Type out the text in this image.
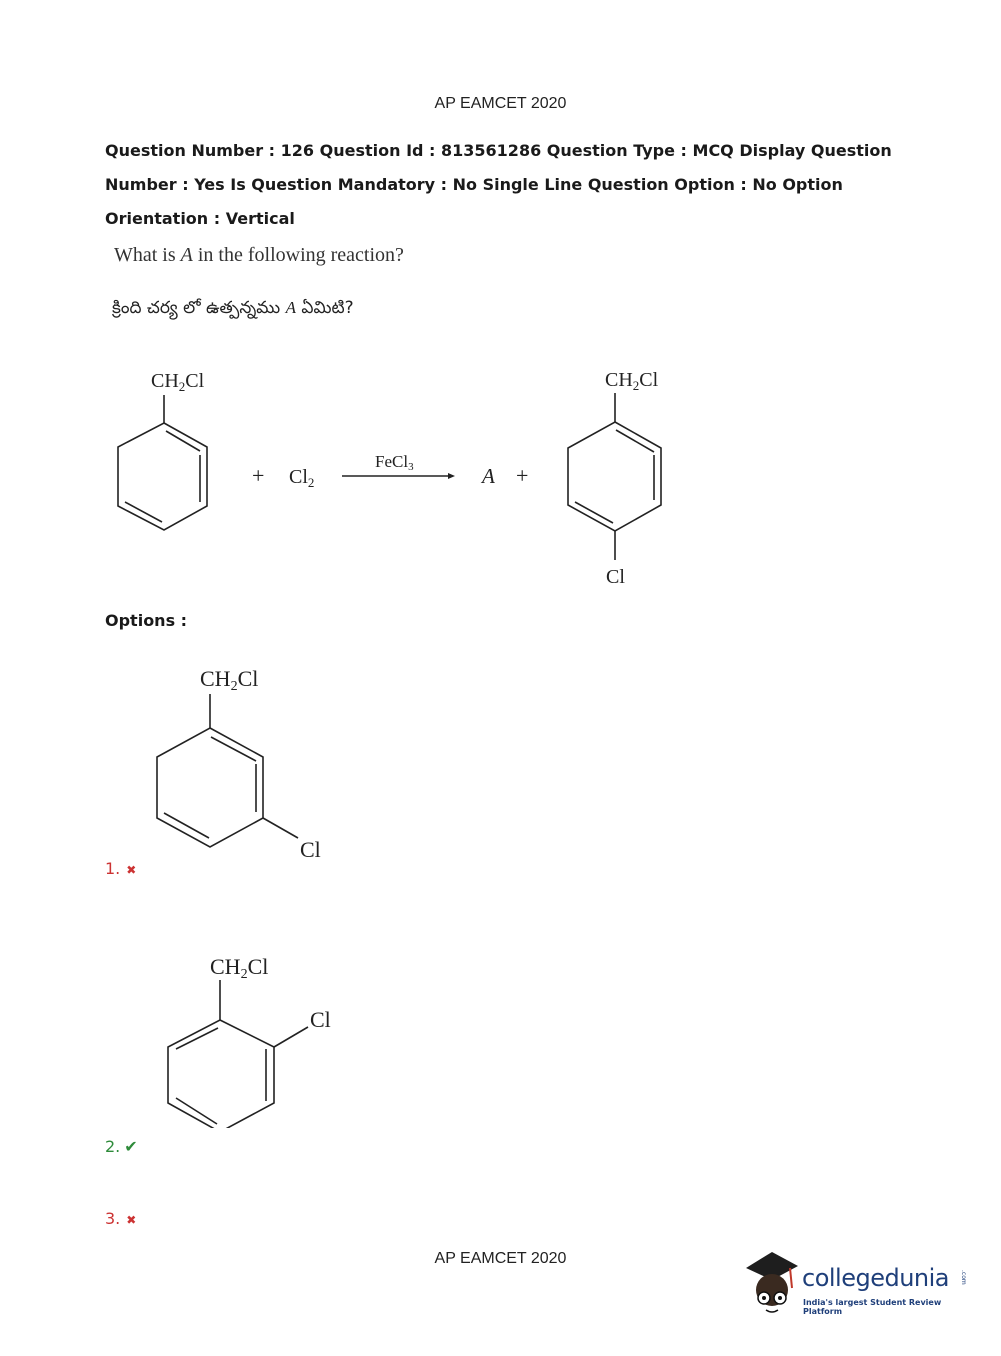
AP EAMCET 2020
Question Number : 126 Question Id : 813561286 Question Type : MCQ Display Question
Number : Yes Is Question Mandatory : No Single Line Question Option : No Option
Orientation : Vertical
What is A in the following reaction?
క్రింది చర్య లో ఉత్పన్నము A ఏమిటి?
$CH_2Cl$
+ $Cl_2$
FeCl3	A +
$CH_2Cl$
Cl
Options :
CH2Cl
Cl
1. ✖
CH2Cl
Cl
2. ✔
3. ✖
AP EAMCET 2020
collegedunia .com
India's largest Student Review Platform
